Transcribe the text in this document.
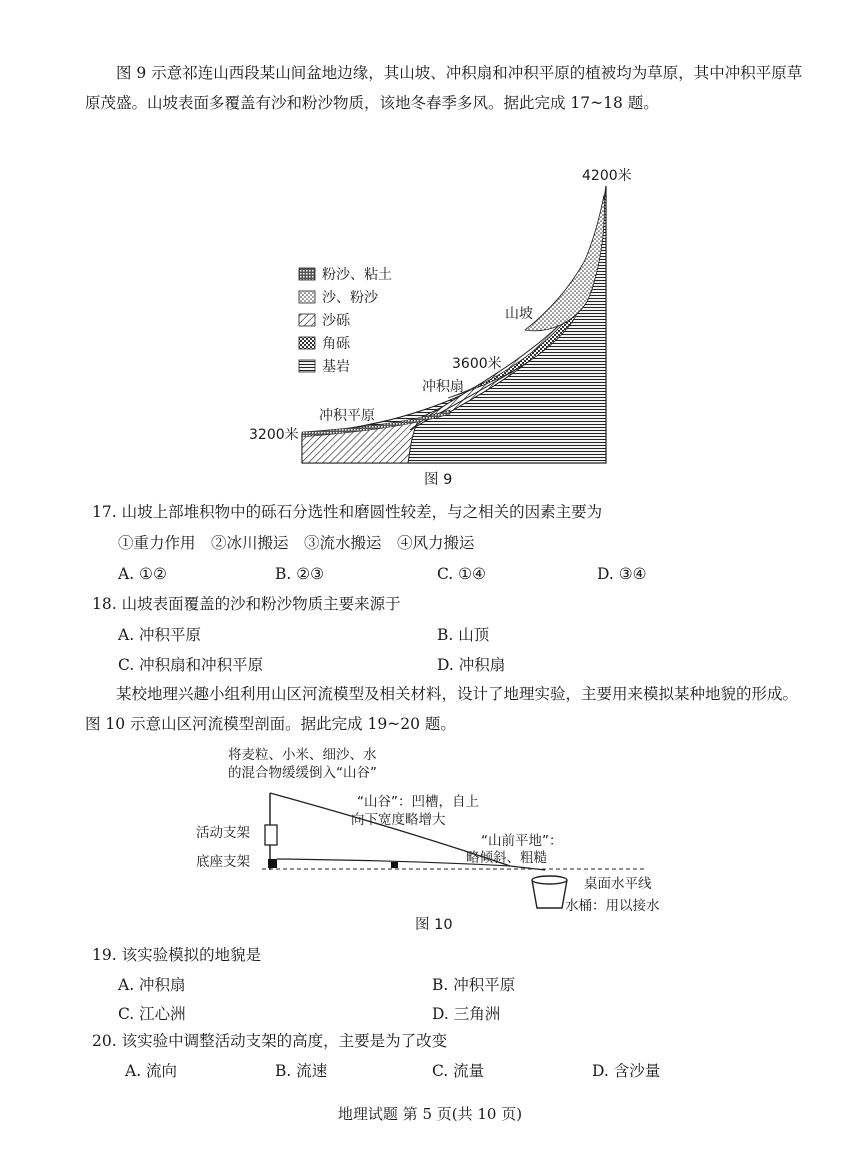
图 9 示意祁连山西段某山间盆地边缘，其山坡、冲积扇和冲积平原的植被均为草原，其中冲积平原草原茂盛。山坡表面多覆盖有沙和粉沙物质，该地冬春季多风。据此完成 17~18 题。
4200米
3600米
3200米
山坡
冲积扇
冲积平原
粉沙、粘土
沙、粉沙
沙砾
角砾
基岩
图 9
17. 山坡上部堆积物中的砾石分选性和磨圆性较差，与之相关的因素主要为
①重力作用　②冰川搬运　③流水搬运　④风力搬运
A. ①②	B. ②③	C. ①④	D. ③④
18. 山坡表面覆盖的沙和粉沙物质主要来源于
A. 冲积平原	B. 山顶
C. 冲积扇和冲积平原	D. 冲积扇
某校地理兴趣小组利用山区河流模型及相关材料，设计了地理实验，主要用来模拟某种地貌的形成。图 10 示意山区河流模型剖面。据此完成 19~20 题。
将麦粒、小米、细沙、水
的混合物缓缓倒入“山谷”
“山谷”：凹槽，自上
向下宽度略增大
“山前平地”：
略倾斜、粗糙
活动支架
底座支架
桌面水平线
水桶：用以接水
图 10
19. 该实验模拟的地貌是
A. 冲积扇	B. 冲积平原
C. 江心洲	D. 三角洲
20. 该实验中调整活动支架的高度，主要是为了改变
A. 流向	B. 流速	C. 流量	D. 含沙量
地理试题 第 5 页(共 10 页)
